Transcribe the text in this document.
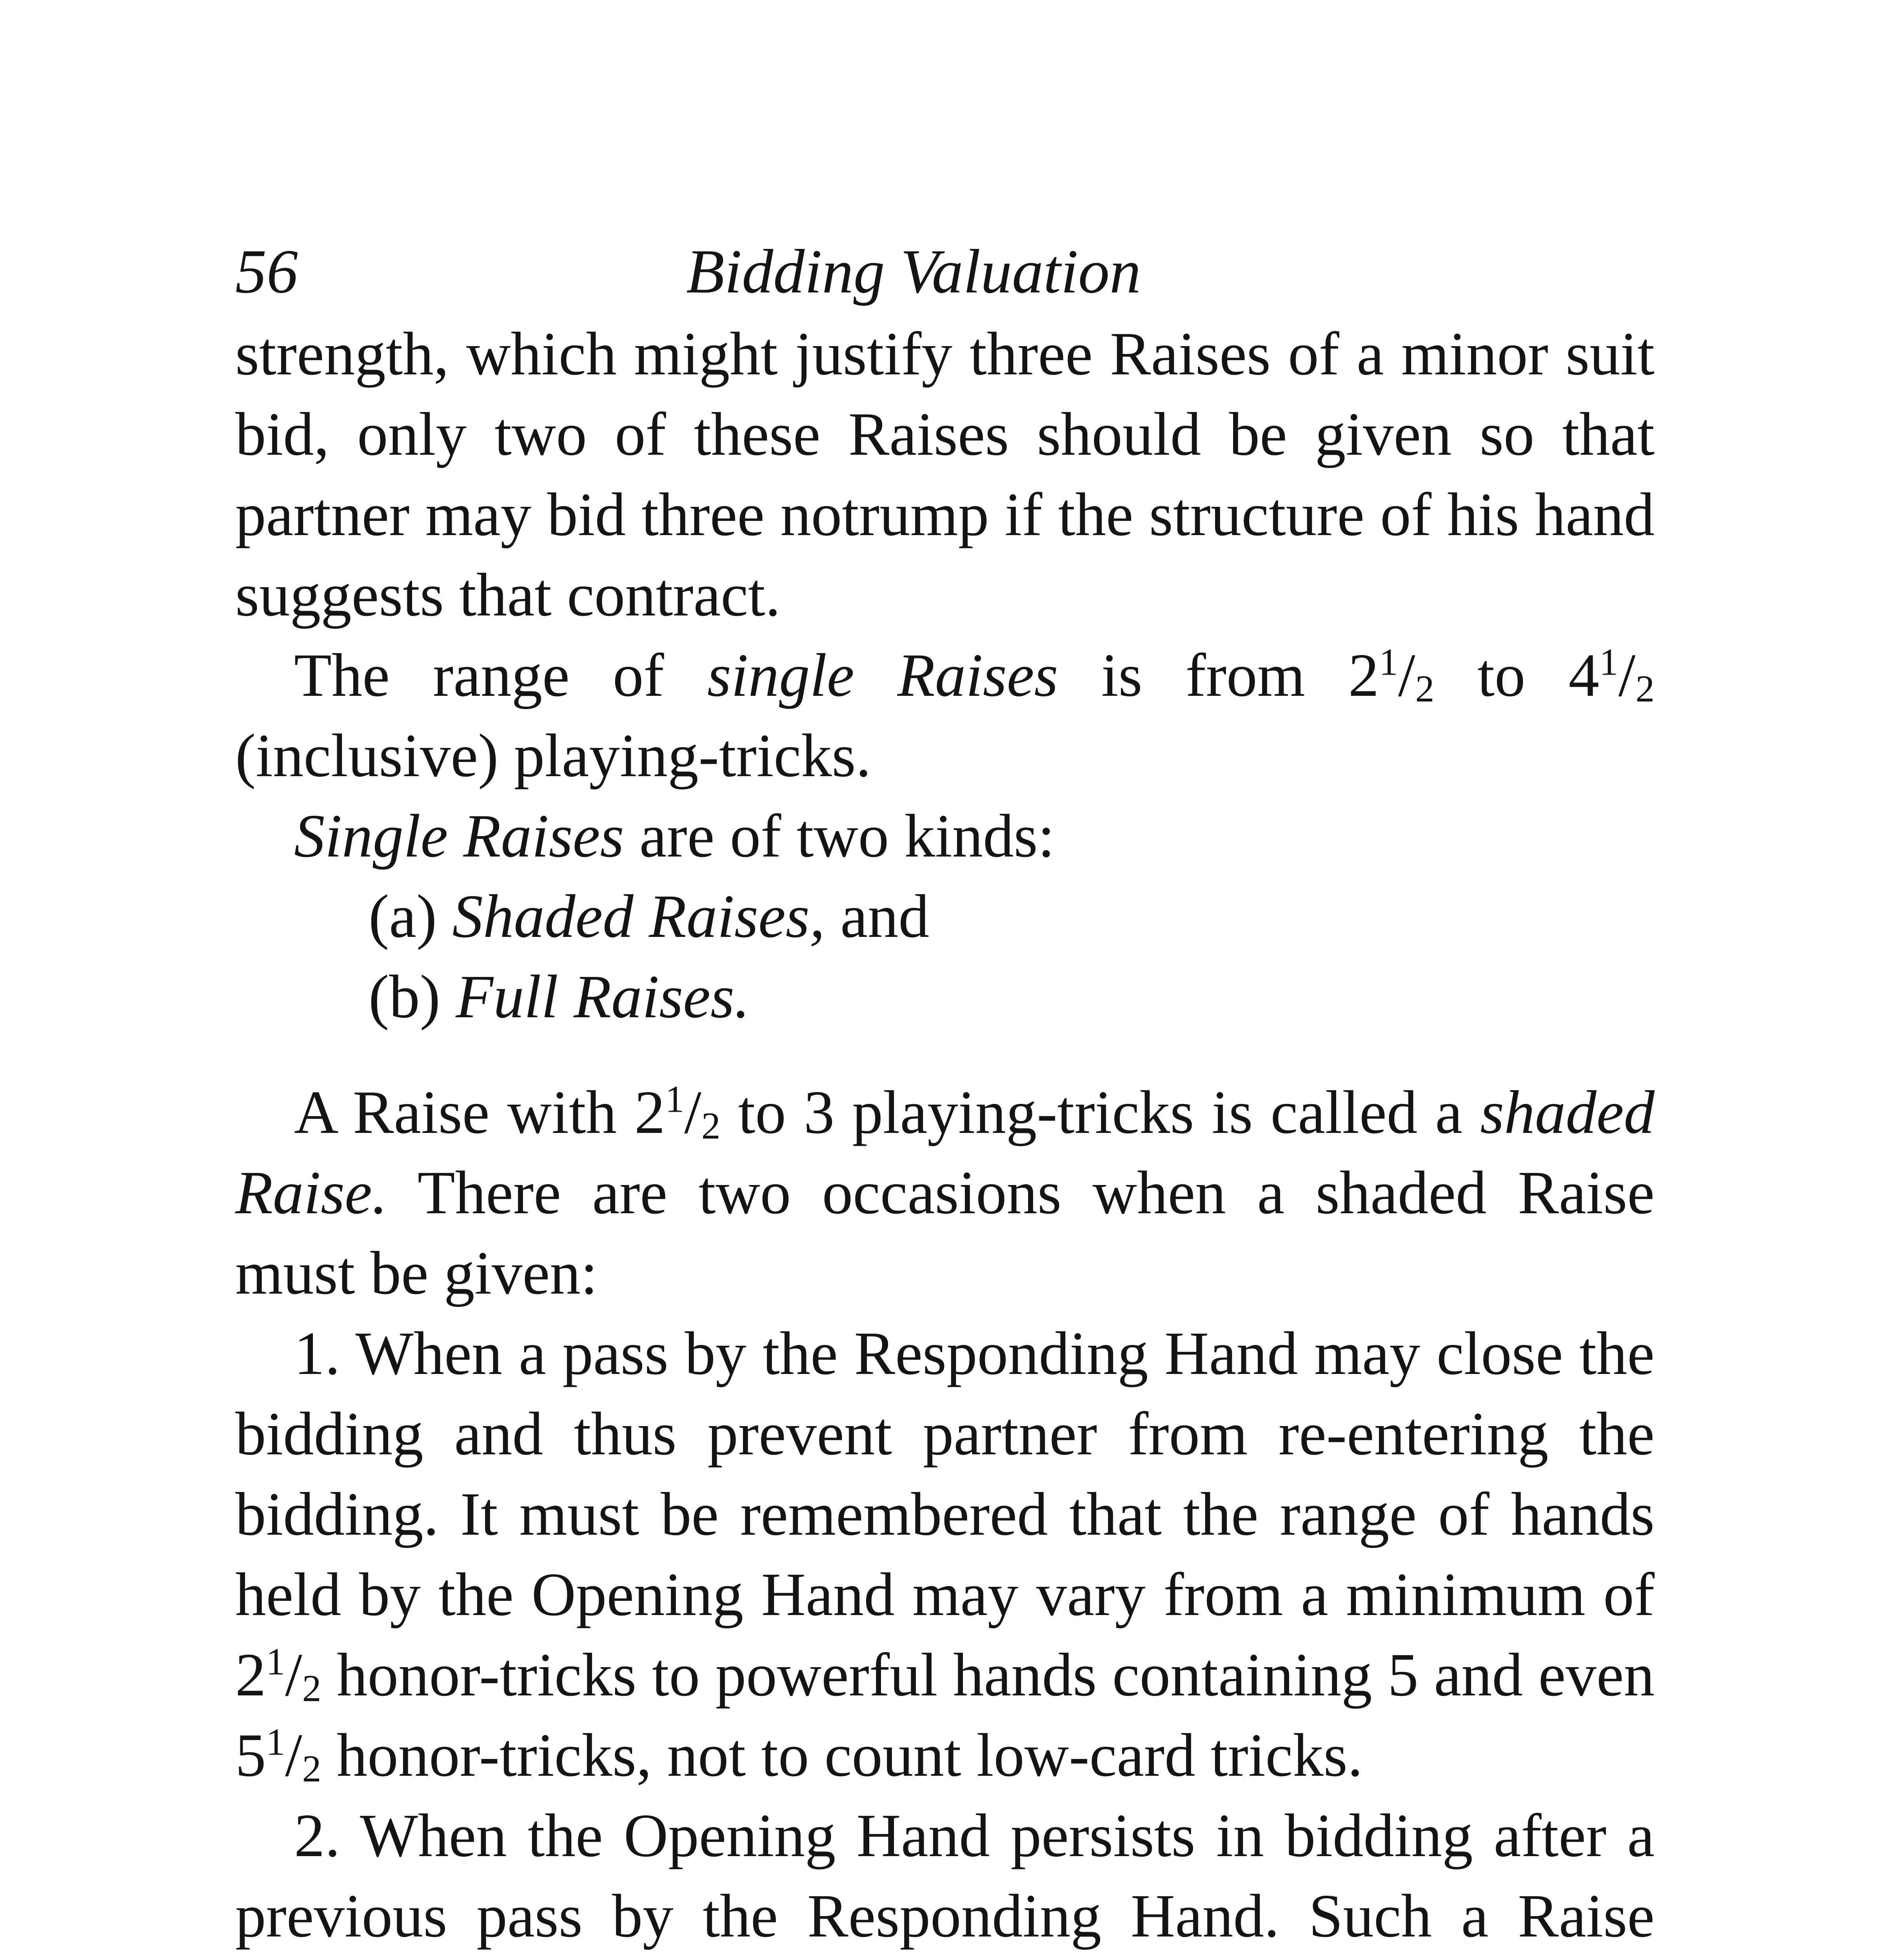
56	Bidding Valuation

strength, which might justify three Raises of a minor suit bid, only two of these Raises should be given so that partner may bid three notrump if the structure of his hand suggests that contract.

The range of single Raises is from $2^1/_2$ to $4^1/_2$ (inclusive) playing-tricks.

Single Raises are of two kinds:

(a) Shaded Raises, and

(b) Full Raises.

A Raise with $2^1/_2$ to 3 playing-tricks is called a shaded Raise. There are two occasions when a shaded Raise must be given:

1. When a pass by the Responding Hand may close the bidding and thus prevent partner from re-entering the bidding. It must be remembered that the range of hands held by the Opening Hand may vary from a minimum of $2^1/_2$ honor-tricks to powerful hands containing 5 and even $5^1/_2$ honor-tricks, not to count low-card tricks.

2. When the Opening Hand persists in bidding after a previous pass by the Responding Hand. Such a Raise
